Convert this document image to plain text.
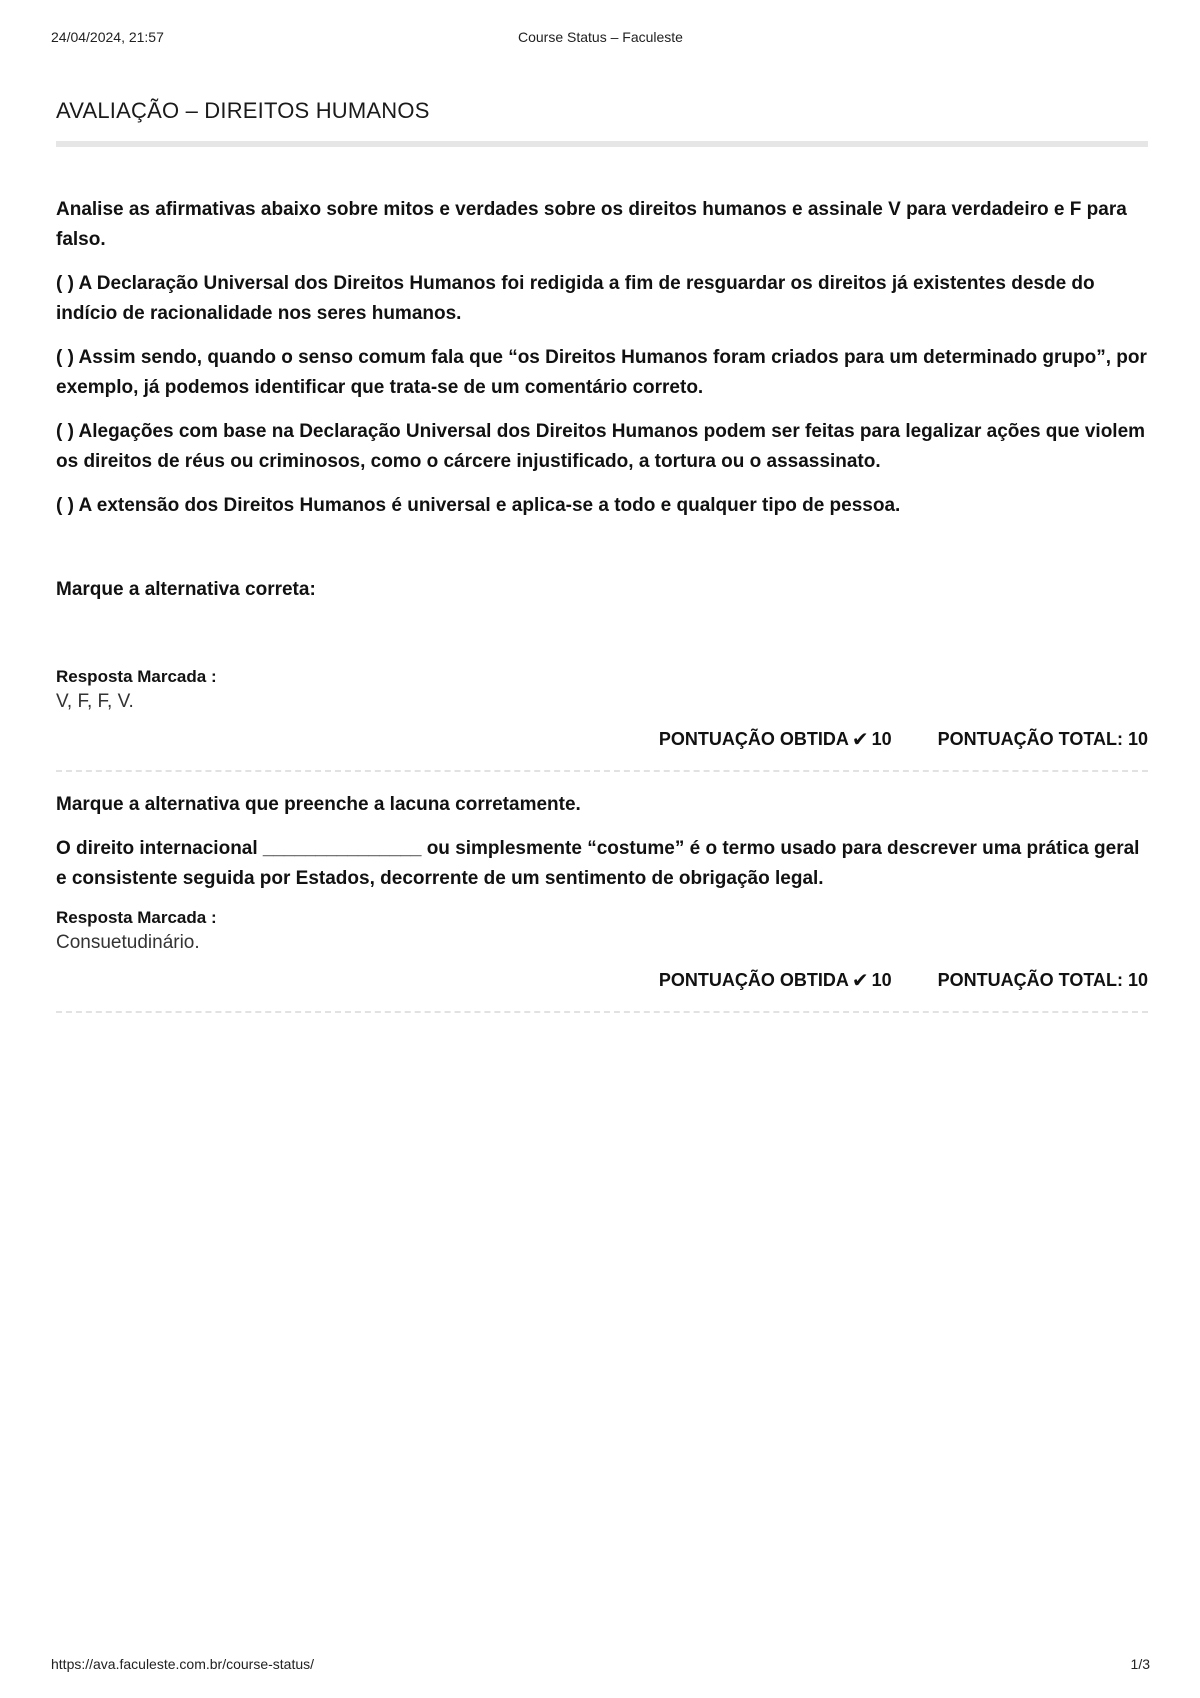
Course Status – Faculeste
24/04/2024, 21:57
AVALIAÇÃO – DIREITOS HUMANOS

Analise as afirmativas abaixo sobre mitos e verdades sobre os direitos humanos e assinale V para verdadeiro e F para falso.

( ) A Declaração Universal dos Direitos Humanos foi redigida a fim de resguardar os direitos já existentes desde do indício de racionalidade nos seres humanos.

( ) Assim sendo, quando o senso comum fala que “os Direitos Humanos foram criados para um determinado grupo”, por exemplo, já podemos identificar que trata-se de um comentário correto.

( ) Alegações com base na Declaração Universal dos Direitos Humanos podem ser feitas para legalizar ações que violem os direitos de réus ou criminosos, como o cárcere injustificado, a tortura ou o assassinato.

( ) A extensão dos Direitos Humanos é universal e aplica-se a todo e qualquer tipo de pessoa.

Marque a alternativa correta:

Resposta Marcada :
V, F, F, V.
PONTUAÇÃO OBTIDA ✔ 10	PONTUAÇÃO TOTAL: 10

Marque a alternativa que preenche a lacuna corretamente.

O direito internacional _______________ ou simplesmente “costume” é o termo usado para descrever uma prática geral e consistente seguida por Estados, decorrente de um sentimento de obrigação legal.

Resposta Marcada :
Consuetudinário.
PONTUAÇÃO OBTIDA ✔ 10	PONTUAÇÃO TOTAL: 10
https://ava.faculeste.com.br/course-status/	1/3
